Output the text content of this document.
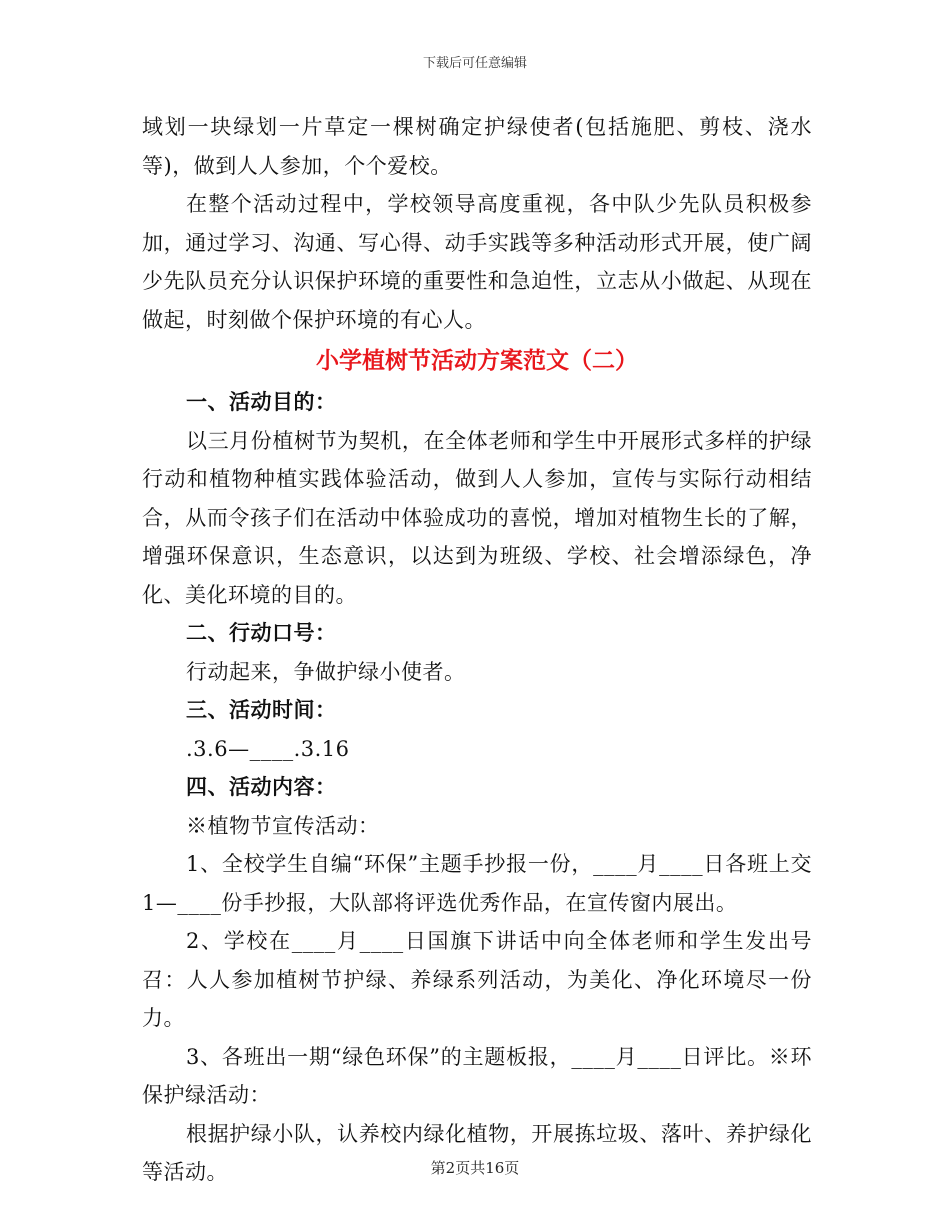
下载后可任意编辑

域划一块绿划一片草定一棵树确定护绿使者(包括施肥、剪枝、浇水等)，做到人人参加，个个爱校。

在整个活动过程中，学校领导高度重视，各中队少先队员积极参加，通过学习、沟通、写心得、动手实践等多种活动形式开展，使广阔少先队员充分认识保护环境的重要性和急迫性，立志从小做起、从现在做起，时刻做个保护环境的有心人。

小学植树节活动方案范文（二）

一、活动目的：

以三月份植树节为契机，在全体老师和学生中开展形式多样的护绿行动和植物种植实践体验活动，做到人人参加，宣传与实际行动相结合，从而令孩子们在活动中体验成功的喜悦，增加对植物生长的了解，增强环保意识，生态意识，以达到为班级、学校、社会增添绿色，净化、美化环境的目的。

二、行动口号：

行动起来，争做护绿小使者。

三、活动时间：

.3.6—____.3.16

四、活动内容：

※植物节宣传活动：

1、全校学生自编“环保”主题手抄报一份，____月____日各班上交1—____份手抄报，大队部将评选优秀作品，在宣传窗内展出。

2、学校在____月____日国旗下讲话中向全体老师和学生发出号召：人人参加植树节护绿、养绿系列活动，为美化、净化环境尽一份力。

3、各班出一期“绿色环保”的主题板报，____月____日评比。※环保护绿活动：

根据护绿小队，认养校内绿化植物，开展拣垃圾、落叶、养护绿化等活动。	第2页共16页
